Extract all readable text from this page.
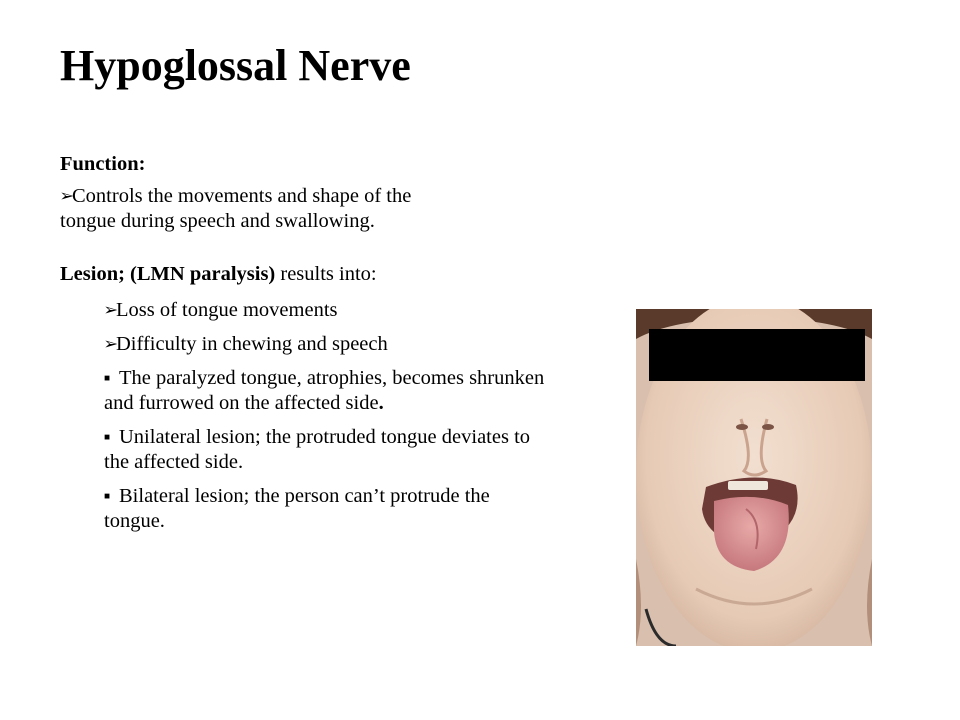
Hypoglossal Nerve
Function:

➢Controls the movements and shape of the
tongue during speech and swallowing.

Lesion; (LMN paralysis) results into:

➢Loss of tongue movements

➢Difficulty in chewing and speech

■ The paralyzed tongue, atrophies, becomes shrunken and furrowed on the affected side.

■ Unilateral lesion; the protruded tongue deviates to the affected side.

■ Bilateral lesion; the person can’t protrude the tongue.
